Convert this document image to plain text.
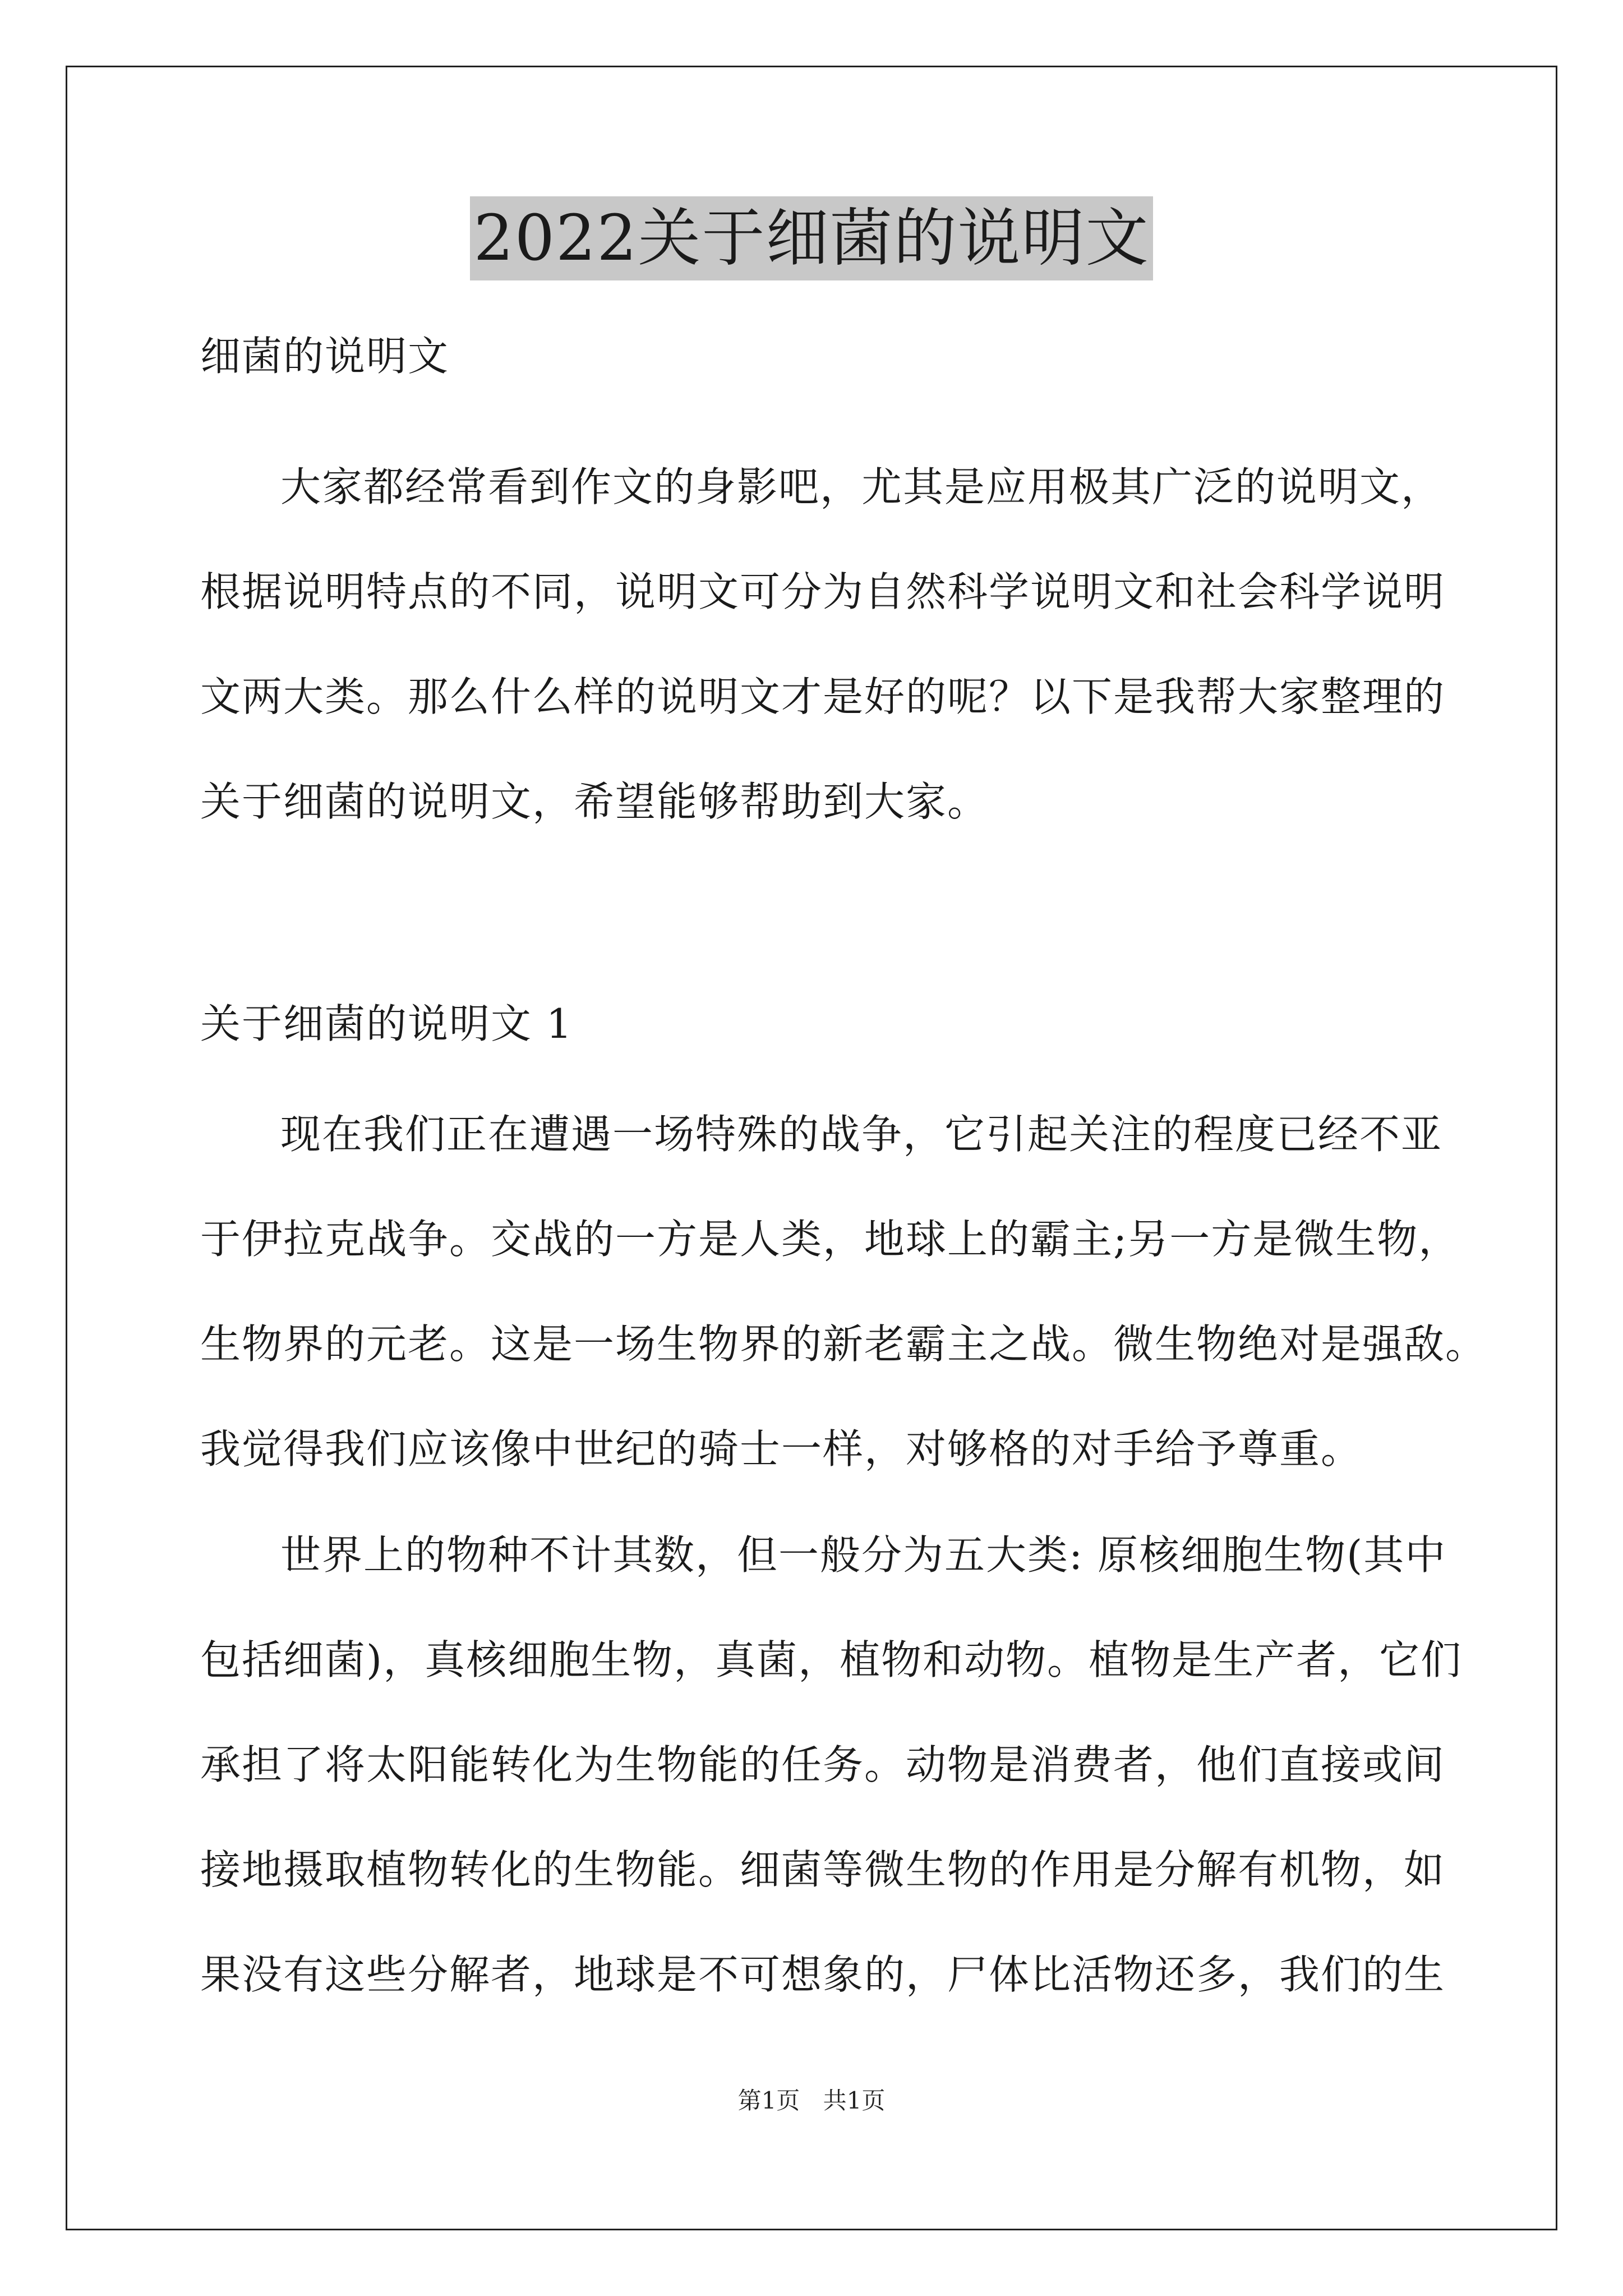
2022关于细菌的说明文
细菌的说明文
大家都经常看到作文的身影吧，尤其是应用极其广泛的说明文，
根据说明特点的不同，说明文可分为自然科学说明文和社会科学说明
文两大类。那么什么样的说明文才是好的呢？以下是我帮大家整理的
关于细菌的说明文，希望能够帮助到大家。
关于细菌的说明文 1
现在我们正在遭遇一场特殊的战争，它引起关注的程度已经不亚
于伊拉克战争。交战的一方是人类，地球上的霸主;另一方是微生物，
生物界的元老。这是一场生物界的新老霸主之战。微生物绝对是强敌。
我觉得我们应该像中世纪的骑士一样，对够格的对手给予尊重。
世界上的物种不计其数，但一般分为五大类: 原核细胞生物(其中
包括细菌)，真核细胞生物，真菌，植物和动物。植物是生产者，它们
承担了将太阳能转化为生物能的任务。动物是消费者，他们直接或间
接地摄取植物转化的生物能。细菌等微生物的作用是分解有机物，如
果没有这些分解者，地球是不可想象的，尸体比活物还多，我们的生
第1页 共1页
